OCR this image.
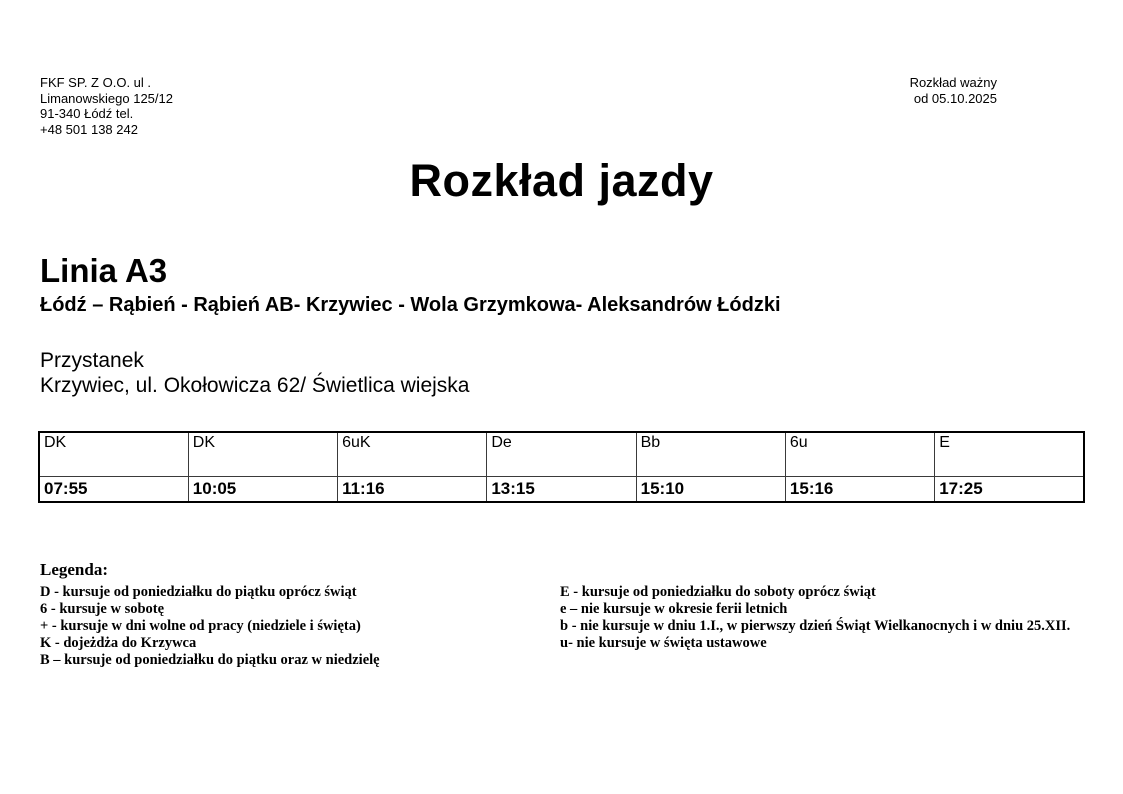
FKF SP. Z O.O. ul .
Limanowskiego 125/12
91-340 Łódź tel.
+48 501 138 242
Rozkład ważny
od 05.10.2025
Rozkład jazdy
Linia A3
Łódź – Rąbień - Rąbień AB- Krzywiec - Wola Grzymkowa- Aleksandrów Łódzki
Przystanek
Krzywiec, ul. Okołowicza 62/ Świetlica wiejska
DK	DK	6uK	De	Bb	6u	E
07:55	10:05	11:16	13:15	15:10	15:16	17:25
Legenda:
D - kursuje od poniedziałku do piątku oprócz świąt
6 - kursuje w sobotę
+ - kursuje w dni wolne od pracy (niedziele i święta)
K - dojeżdża do Krzywca
B – kursuje od poniedziałku do piątku oraz w niedzielę
E - kursuje od poniedziałku do soboty oprócz świąt
e – nie kursuje w okresie ferii letnich
b - nie kursuje w dniu 1.I., w pierwszy dzień Świąt Wielkanocnych i w dniu 25.XII.
u- nie kursuje w święta ustawowe
